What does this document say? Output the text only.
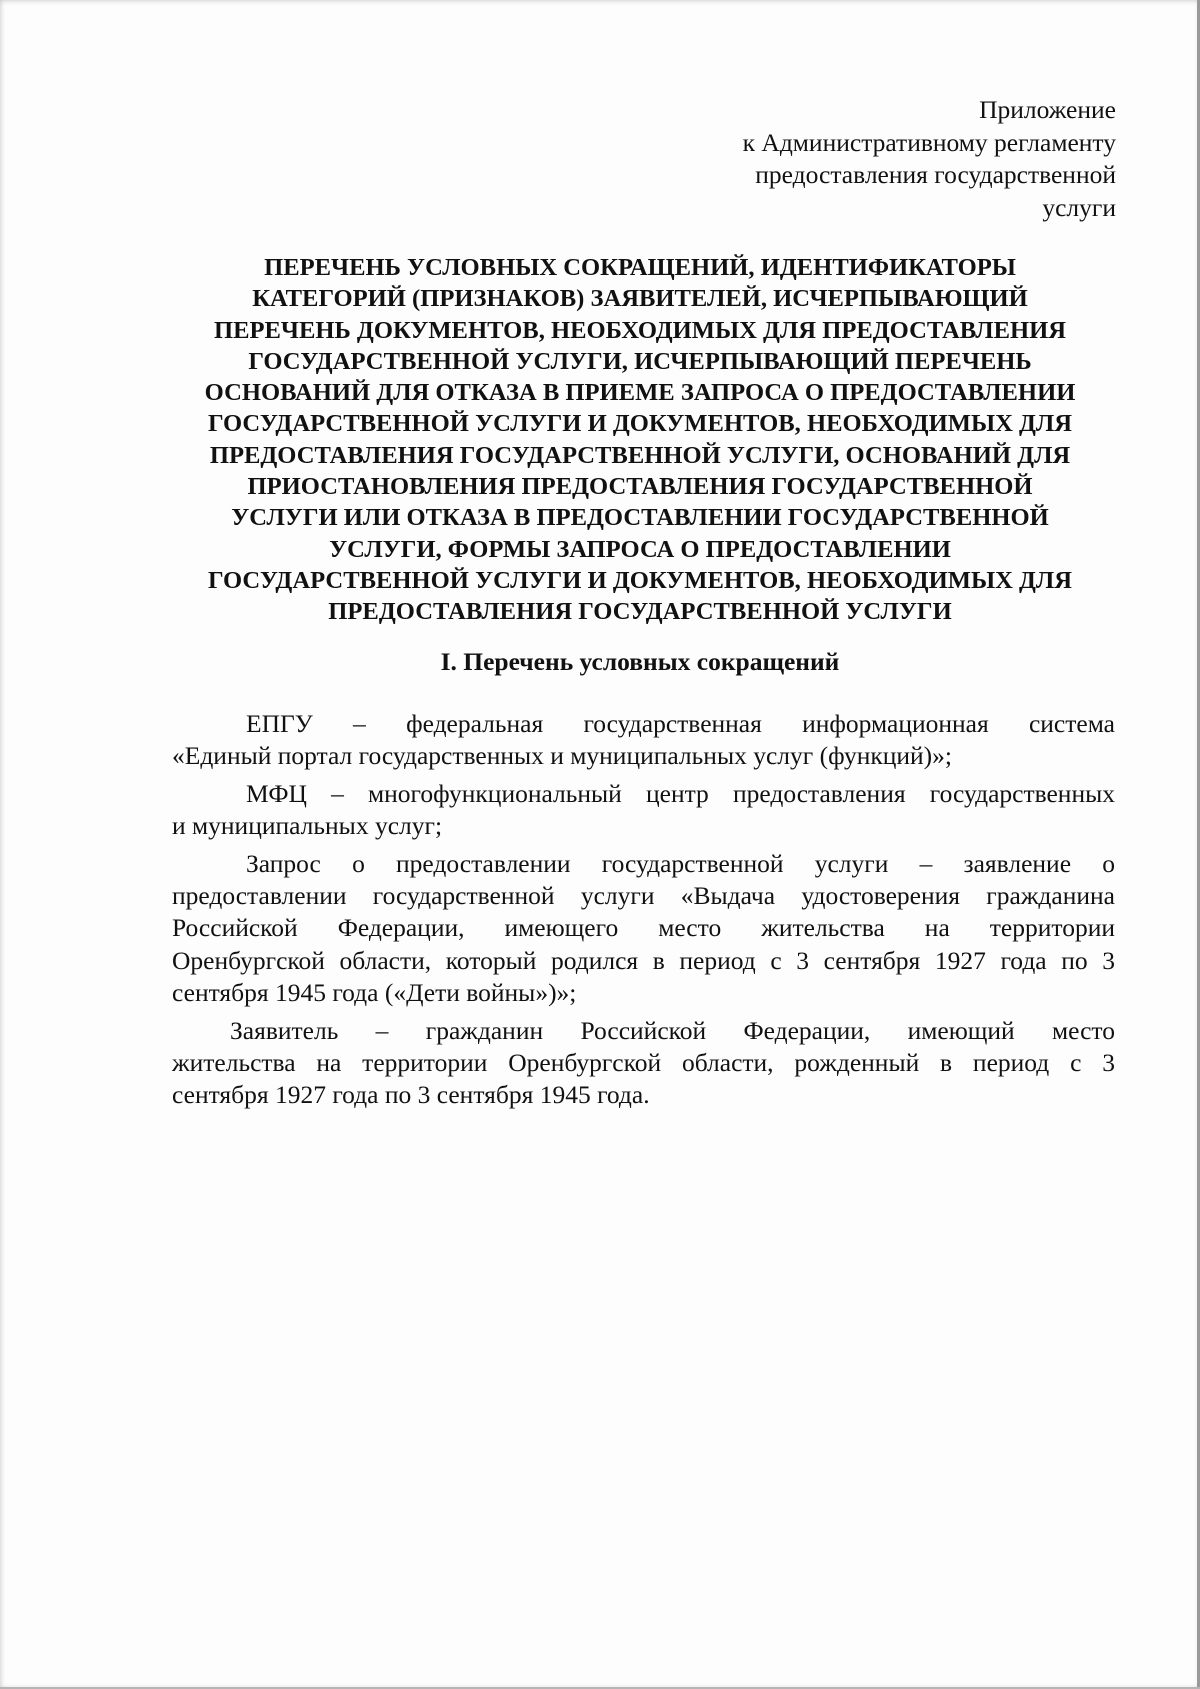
Приложение
к Административному регламенту
предоставления государственной
услуги
ПЕРЕЧЕНЬ УСЛОВНЫХ СОКРАЩЕНИЙ, ИДЕНТИФИКАТОРЫ
КАТЕГОРИЙ (ПРИЗНАКОВ) ЗАЯВИТЕЛЕЙ, ИСЧЕРПЫВАЮЩИЙ
ПЕРЕЧЕНЬ ДОКУМЕНТОВ, НЕОБХОДИМЫХ ДЛЯ ПРЕДОСТАВЛЕНИЯ
ГОСУДАРСТВЕННОЙ УСЛУГИ, ИСЧЕРПЫВАЮЩИЙ ПЕРЕЧЕНЬ
ОСНОВАНИЙ ДЛЯ ОТКАЗА В ПРИЕМЕ ЗАПРОСА О ПРЕДОСТАВЛЕНИИ
ГОСУДАРСТВЕННОЙ УСЛУГИ И ДОКУМЕНТОВ, НЕОБХОДИМЫХ ДЛЯ
ПРЕДОСТАВЛЕНИЯ ГОСУДАРСТВЕННОЙ УСЛУГИ, ОСНОВАНИЙ ДЛЯ
ПРИОСТАНОВЛЕНИЯ ПРЕДОСТАВЛЕНИЯ ГОСУДАРСТВЕННОЙ
УСЛУГИ ИЛИ ОТКАЗА В ПРЕДОСТАВЛЕНИИ ГОСУДАРСТВЕННОЙ
УСЛУГИ, ФОРМЫ ЗАПРОСА О ПРЕДОСТАВЛЕНИИ
ГОСУДАРСТВЕННОЙ УСЛУГИ И ДОКУМЕНТОВ, НЕОБХОДИМЫХ ДЛЯ
ПРЕДОСТАВЛЕНИЯ ГОСУДАРСТВЕННОЙ УСЛУГИ
I. Перечень условных сокращений
ЕПГУ – федеральная государственная информационная система
«Единый портал государственных и муниципальных услуг (функций)»;
МФЦ – многофункциональный центр предоставления государственных
и муниципальных услуг;
Запрос о предоставлении государственной услуги – заявление о
предоставлении государственной услуги «Выдача удостоверения гражданина
Российской Федерации, имеющего место жительства на территории
Оренбургской области, который родился в период с 3 сентября 1927 года по 3
сентября 1945 года («Дети войны»)»;
Заявитель – гражданин Российской Федерации, имеющий место
жительства на территории Оренбургской области, рожденный в период с 3
сентября 1927 года по 3 сентября 1945 года.
